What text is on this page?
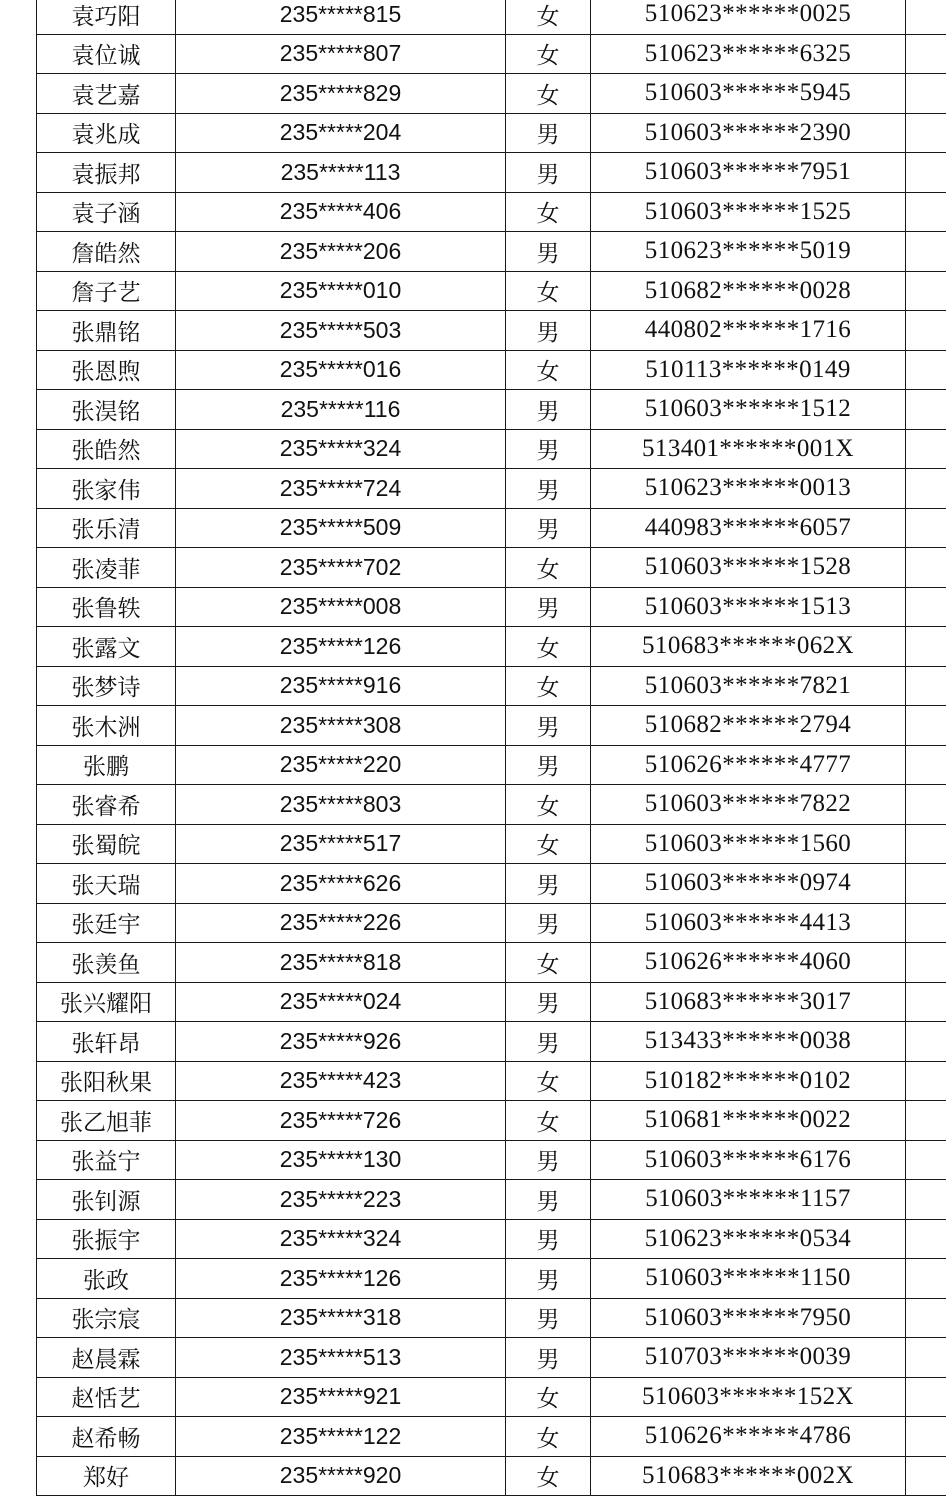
袁巧阳	235*****815	女	510623******0025	
袁位诚	235*****807	女	510623******6325	
袁艺嘉	235*****829	女	510603******5945	
袁兆成	235*****204	男	510603******2390	
袁振邦	235*****113	男	510603******7951	
袁子涵	235*****406	女	510603******1525	
詹皓然	235*****206	男	510623******5019	
詹子艺	235*****010	女	510682******0028	
张鼎铭	235*****503	男	440802******1716	
张恩煦	235*****016	女	510113******0149	
张淏铭	235*****116	男	510603******1512	
张皓然	235*****324	男	513401******001X	
张家伟	235*****724	男	510623******0013	
张乐清	235*****509	男	440983******6057	
张凌菲	235*****702	女	510603******1528	
张鲁轶	235*****008	男	510603******1513	
张露文	235*****126	女	510683******062X	
张梦诗	235*****916	女	510603******7821	
张木洲	235*****308	男	510682******2794	
张鹏	235*****220	男	510626******4777	
张睿希	235*****803	女	510603******7822	
张蜀皖	235*****517	女	510603******1560	
张天瑞	235*****626	男	510603******0974	
张廷宇	235*****226	男	510603******4413	
张羡鱼	235*****818	女	510626******4060	
张兴耀阳	235*****024	男	510683******3017	
张轩昂	235*****926	男	513433******0038	
张阳秋果	235*****423	女	510182******0102	
张乙旭菲	235*****726	女	510681******0022	
张益宁	235*****130	男	510603******6176	
张钊源	235*****223	男	510603******1157	
张振宇	235*****324	男	510623******0534	
张政	235*****126	男	510603******1150	
张宗宸	235*****318	男	510603******7950	
赵晨霖	235*****513	男	510703******0039	
赵恬艺	235*****921	女	510603******152X	
赵希畅	235*****122	女	510626******4786	
郑好	235*****920	女	510683******002X	
